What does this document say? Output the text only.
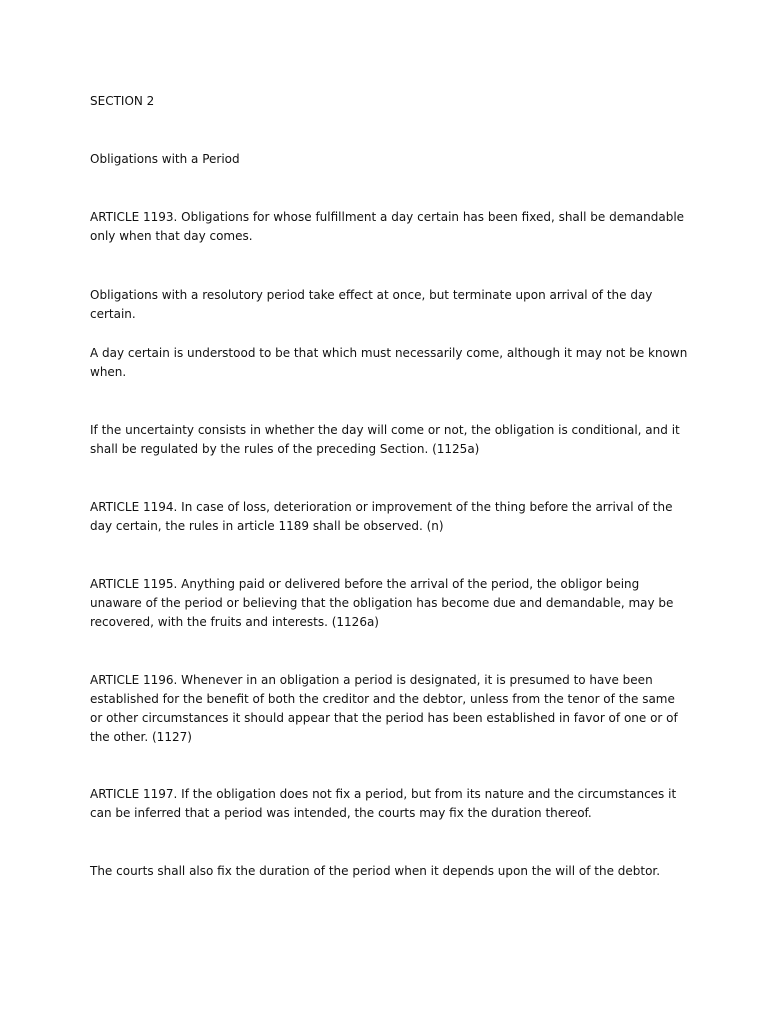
SECTION 2

Obligations with a Period

ARTICLE 1193. Obligations for whose fulfillment a day certain has been fixed, shall be demandable only when that day comes.

Obligations with a resolutory period take effect at once, but terminate upon arrival of the day certain.

A day certain is understood to be that which must necessarily come, although it may not be known when.

If the uncertainty consists in whether the day will come or not, the obligation is conditional, and it shall be regulated by the rules of the preceding Section. (1125a)

ARTICLE 1194. In case of loss, deterioration or improvement of the thing before the arrival of the day certain, the rules in article 1189 shall be observed. (n)

ARTICLE 1195. Anything paid or delivered before the arrival of the period, the obligor being unaware of the period or believing that the obligation has become due and demandable, may be recovered, with the fruits and interests. (1126a)

ARTICLE 1196. Whenever in an obligation a period is designated, it is presumed to have been established for the benefit of both the creditor and the debtor, unless from the tenor of the same or other circumstances it should appear that the period has been established in favor of one or of the other. (1127)

ARTICLE 1197. If the obligation does not fix a period, but from its nature and the circumstances it can be inferred that a period was intended, the courts may fix the duration thereof.

The courts shall also fix the duration of the period when it depends upon the will of the debtor.
